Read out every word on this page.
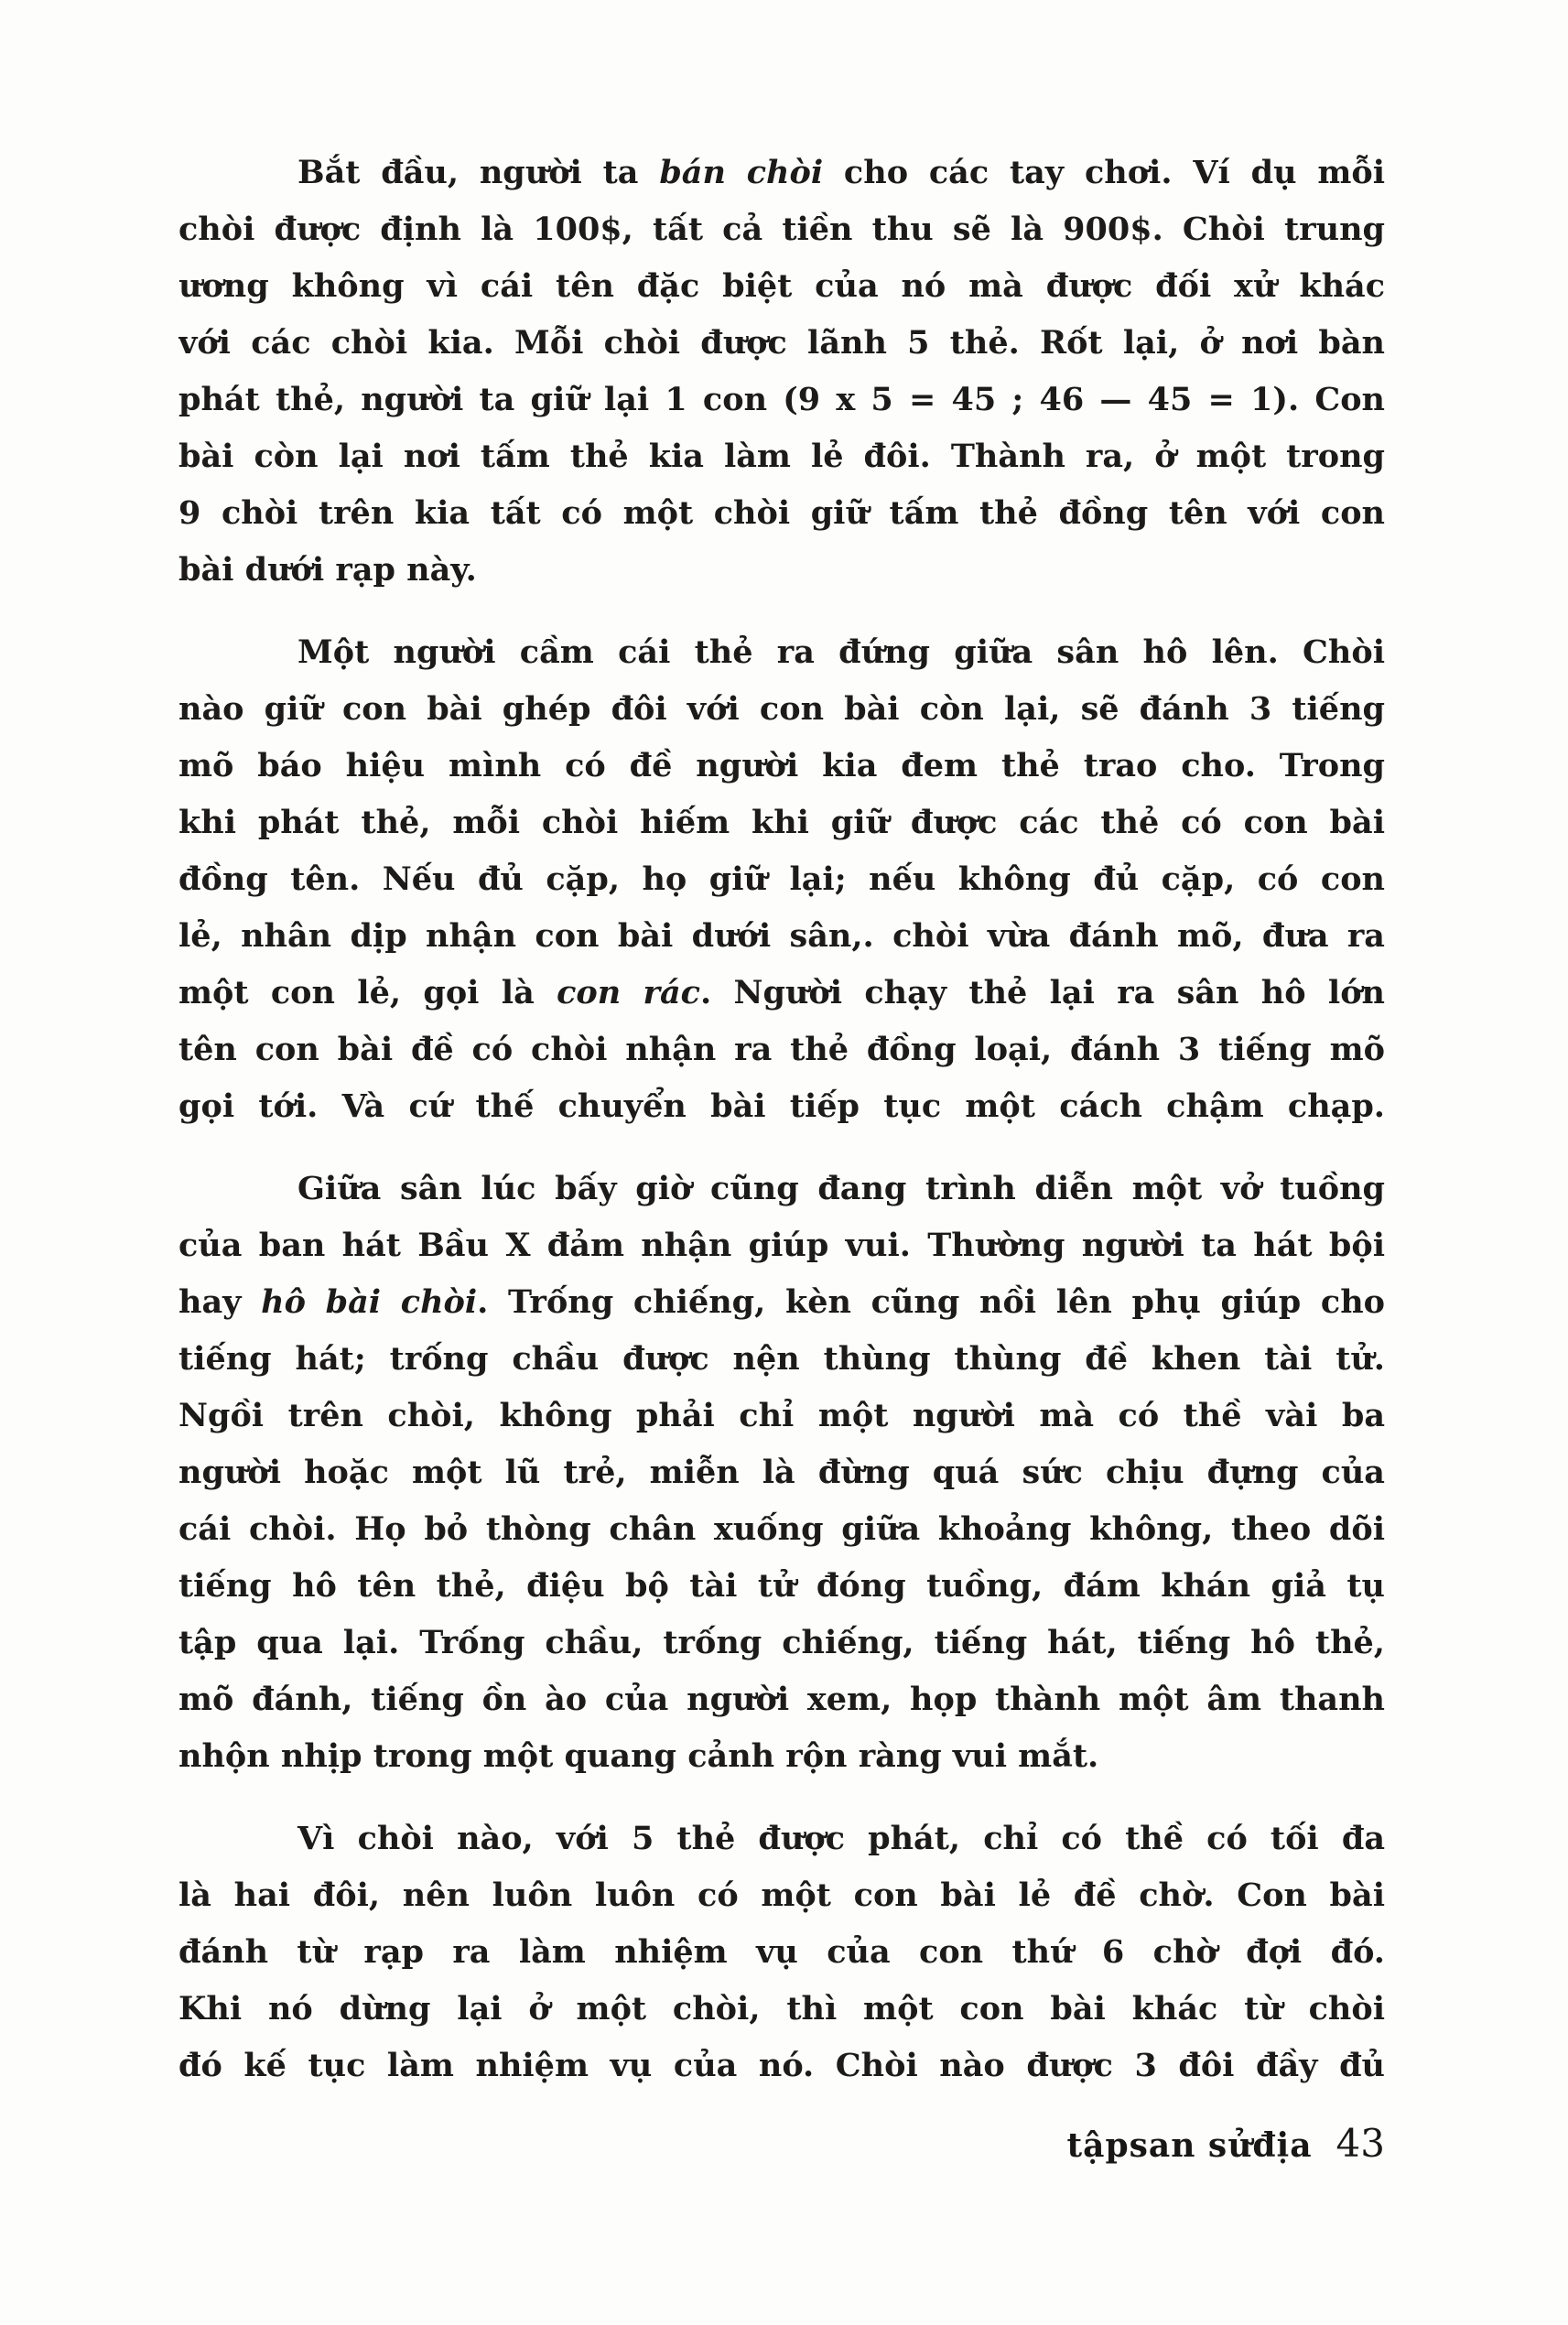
Bắt đầu, người ta bán chòi cho các tay chơi. Ví dụ mỗi
chòi được định là 100$, tất cả tiền thu sẽ là 900$. Chòi trung
ương không vì cái tên đặc biệt của nó mà được đối xử khác
với các chòi kia. Mỗi chòi được lãnh 5 thẻ. Rốt lại, ở nơi bàn
phát thẻ, người ta giữ lại 1 con (9 x 5 = 45 ; 46 — 45 = 1). Con
bài còn lại nơi tấm thẻ kia làm lẻ đôi. Thành ra, ở một trong
9 chòi trên kia tất có một chòi giữ tấm thẻ đồng tên với con
bài dưới rạp này.

Một người cầm cái thẻ ra đứng giữa sân hô lên. Chòi
nào giữ con bài ghép đôi với con bài còn lại, sẽ đánh 3 tiếng
mõ báo hiệu mình có đề người kia đem thẻ trao cho. Trong
khi phát thẻ, mỗi chòi hiếm khi giữ được các thẻ có con bài
đồng tên. Nếu đủ cặp, họ giữ lại; nếu không đủ cặp, có con
lẻ, nhân dịp nhận con bài dưới sân,. chòi vừa đánh mõ, đưa ra
một con lẻ, gọi là con rác. Người chạy thẻ lại ra sân hô lớn
tên con bài đề có chòi nhận ra thẻ đồng loại, đánh 3 tiếng mõ
gọi tới. Và cứ thế chuyển bài tiếp tục một cách chậm chạp.

Giữa sân lúc bấy giờ cũng đang trình diễn một vở tuồng
của ban hát Bầu X đảm nhận giúp vui. Thường người ta hát bội
hay hô bài chòi. Trống chiếng, kèn cũng nồi lên phụ giúp cho
tiếng hát; trống chầu được nện thùng thùng đề khen tài tử.
Ngồi trên chòi, không phải chỉ một người mà có thề vài ba
người hoặc một lũ trẻ, miễn là đừng quá sức chịu đựng của
cái chòi. Họ bỏ thòng chân xuống giữa khoảng không, theo dõi
tiếng hô tên thẻ, điệu bộ tài tử đóng tuồng, đám khán giả tụ
tập qua lại. Trống chầu, trống chiếng, tiếng hát, tiếng hô thẻ,
mõ đánh, tiếng ồn ào của người xem, họp thành một âm thanh
nhộn nhịp trong một quang cảnh rộn ràng vui mắt.

Vì chòi nào, với 5 thẻ được phát, chỉ có thề có tối đa
là hai đôi, nên luôn luôn có một con bài lẻ đề chờ. Con bài
đánh từ rạp ra làm nhiệm vụ của con thứ 6 chờ đợi đó.
Khi nó dừng lại ở một chòi, thì một con bài khác từ chòi
đó kế tục làm nhiệm vụ của nó. Chòi nào được 3 đôi đầy đủ

tậpsan sửđịa 43
